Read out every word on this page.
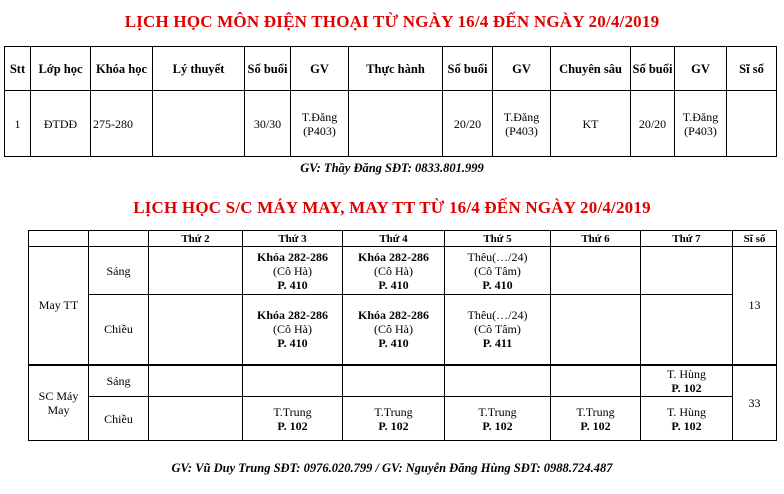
LỊCH HỌC MÔN ĐIỆN THOẠI TỪ NGÀY 16/4 ĐẾN NGÀY 20/4/2019
Stt	Lớp học	Khóa học	Lý thuyết	Số buổi	GV	Thực hành	Số buổi	GV	Chuyên sâu	Số buổi	GV	Sĩ số
1	ĐTDĐ	275-280		30/30	T.Đăng (P403)		20/20	T.Đăng (P403)	KT	20/20	T.Đăng (P403)	
GV: Thầy Đăng SĐT: 0833.801.999
LỊCH HỌC S/C MÁY MAY, MAY TT TỪ 16/4 ĐẾN NGÀY 20/4/2019
		Thứ 2	Thứ 3	Thứ 4	Thứ 5	Thứ 6	Thứ 7	Sĩ số
May TT	Sáng		Khóa 282-286
(Cô Hà)
P. 410	Khóa 282-286
(Cô Hà)
P. 410	Thêu(…/24)
(Cô Tâm)
P. 410			13
	Chiều		Khóa 282-286
(Cô Hà)
P. 410	Khóa 282-286
(Cô Hà)
P. 410	Thêu(…/24)
(Cô Tâm)
P. 411			

SC Máy May	Sáng						T. Hùng
P. 102	33
	Chiều		T.Trung
P. 102	T.Trung
P. 102	T.Trung
P. 102	T.Trung
P. 102	T. Hùng
P. 102	
GV: Vũ Duy Trung SĐT: 0976.020.799 / GV: Nguyễn Đăng Hùng SĐT: 0988.724.487
